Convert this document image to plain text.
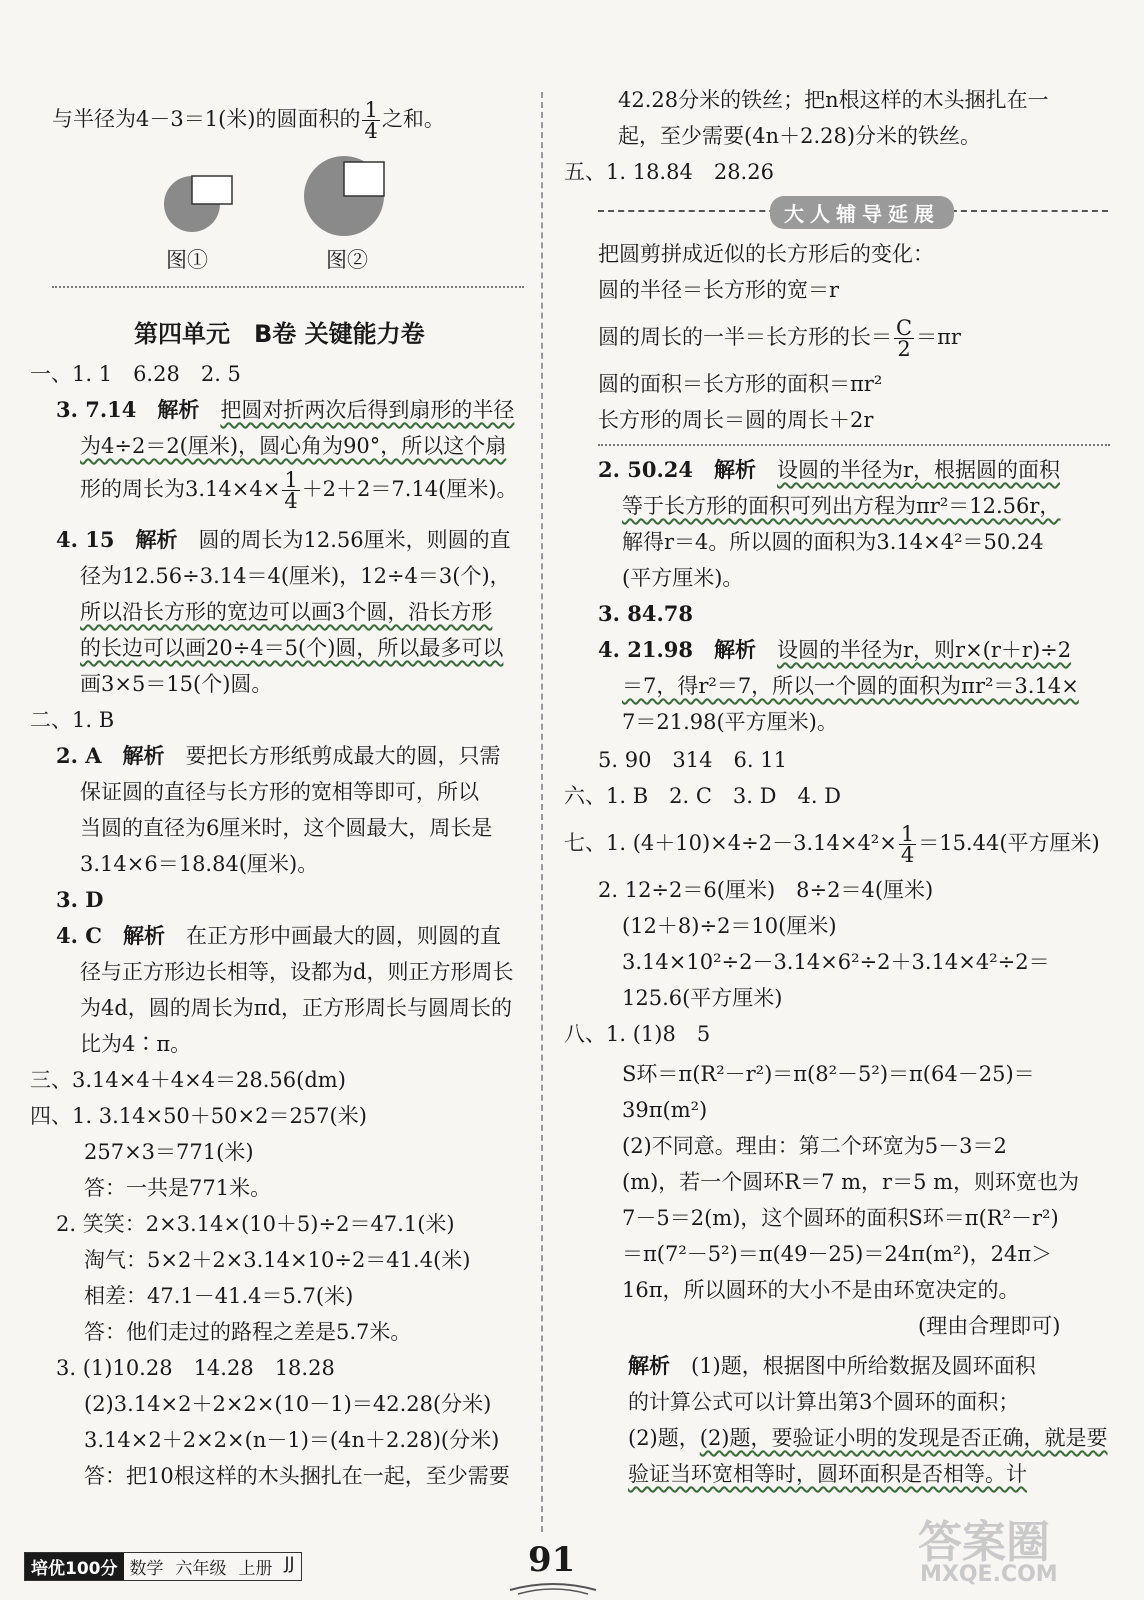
与半径为4－3＝1(米)的圆面积的 $\frac{1}{4}$ 之和。
图①	图②
第四单元　B卷 关键能力卷
一、1. 1　6.28　2. 5
3. 7.14　 解析　 把圆对折两次后得到扇形的半径
为4÷2＝2(厘米)，圆心角为90°，所以这个扇
形的周长为$3.14\times 4\times \frac{1}{4} +2+2=7.14$(厘米)。
4. 15　 解析　 圆的周长为12.56厘米，则圆的直
径为12.56÷3.14＝4(厘米)，12÷4＝3(个)，
所以沿长方形的宽边可以画3个圆，沿长方形
的长边可以画20÷4＝5(个)圆，所以最多可以
画3×5＝15(个)圆。
二、1. B
2. A　 解析　 要把长方形纸剪成最大的圆，只需
保证圆的直径与长方形的宽相等即可，所以
当圆的直径为6厘米时，这个圆最大，周长是
3.14×6＝18.84(厘米)。
3. D
4. C　 解析　 在正方形中画最大的圆，则圆的直
径与正方形边长相等，设都为d，则正方形周长
为4d，圆的周长为πd，正方形周长与圆周长的
比为4∶π。
三、3.14×4＋4×4＝28.56(dm)
四、1. 3.14×50＋50×2＝257(米)
257×3＝771(米)
答：一共是771米。
2. 笑笑：2×3.14×(10＋5)÷2＝47.1(米)
淘气：5×2＋2×3.14×10÷2＝41.4(米)
相差：47.1－41.4＝5.7(米)
答：他们走过的路程之差是5.7米。
3. (1)10.28　14.28　18.28
(2)3.14×2＋2×2×(10－1)＝42.28(分米)
3.14×2＋2×2×(n－1)＝(4n＋2.28)(分米)
答：把10根这样的木头捆扎在一起，至少需要
42.28分米的铁丝；把n根这样的木头捆扎在一
起，至少需要(4n＋2.28)分米的铁丝。
五、1. 18.84　28.26
大人辅导延展
把圆剪拼成近似的长方形后的变化：
圆的半径＝长方形的宽＝r
圆的周长的一半＝长方形的长＝ $\frac{C}{2} =\pi r$
圆的面积＝长方形的面积＝πr²
长方形的周长＝圆的周长＋2r
2. 50.24　 解析　 设圆的半径为r，根据圆的面积
等于长方形的面积可列出方程为πr²＝12.56r，
解得r＝4。所以圆的面积为3.14×4²＝50.24
(平方厘米)。
3. 84.78
4. 21.98　 解析　 设圆的半径为r，则r×(r＋r)÷2
＝7，得r²＝7，所以一个圆的面积为πr²＝3.14×
7＝21.98(平方厘米)。
5. 90　314　6. 11
六、1. B　2. C　3. D　4. D
七、1. $(4+10)\times 4\div 2-3.14\times 4^2\times \frac{1}{4} =15.44$(平方厘米)
2. 12÷2＝6(厘米)　8÷2＝4(厘米)
(12＋8)÷2＝10(厘米)
3.14×10²÷2－3.14×6²÷2＋3.14×4²÷2＝
125.6(平方厘米)
八、1. (1)8　5
S环＝π(R²－r²)＝π(8²－5²)＝π(64－25)＝
39π(m²)
(2)不同意。理由：第二个环宽为5－3＝2
(m)，若一个圆环R＝7 m，r＝5 m，则环宽也为
7－5＝2(m)，这个圆环的面积S环＝π(R²－r²)
＝π(7²－5²)＝π(49－25)＝24π(m²)，24π＞
16π，所以圆环的大小不是由环宽决定的。
(理由合理即可)
解析　 (1)题，根据图中所给数据及圆环面积
的计算公式可以计算出第3个圆环的面积；
(2)题，(2)题，要验证小明的发现是否正确，就是要
验证当环宽相等时，圆环面积是否相等。计
培优100分 数学 六年级 上册 JJ	91	答案圈
MXQE.COM
